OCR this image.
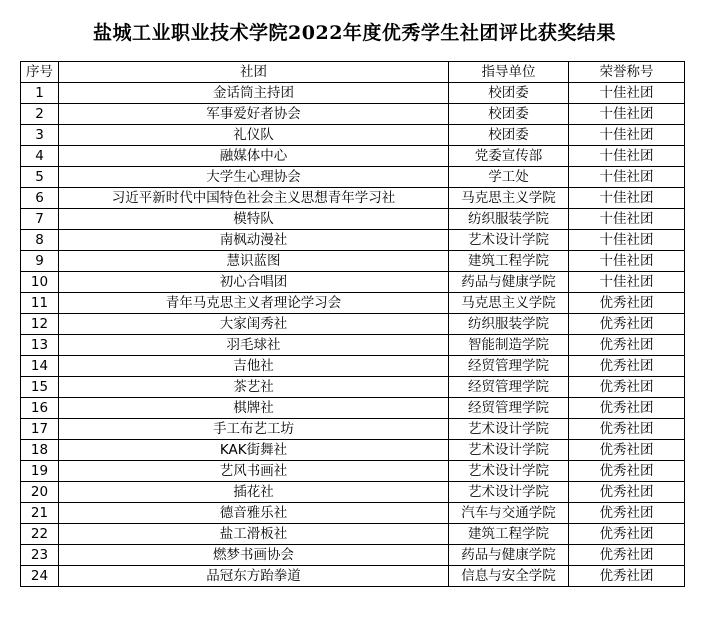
盐城工业职业技术学院2022年度优秀学生社团评比获奖结果
序号	社团	指导单位	荣誉称号
1	金话筒主持团	校团委	十佳社团
2	军事爱好者协会	校团委	十佳社团
3	礼仪队	校团委	十佳社团
4	融媒体中心	党委宣传部	十佳社团
5	大学生心理协会	学工处	十佳社团
6	习近平新时代中国特色社会主义思想青年学习社	马克思主义学院	十佳社团
7	模特队	纺织服装学院	十佳社团
8	南枫动漫社	艺术设计学院	十佳社团
9	慧识蓝图	建筑工程学院	十佳社团
10	初心合唱团	药品与健康学院	十佳社团
11	青年马克思主义者理论学习会	马克思主义学院	优秀社团
12	大家闺秀社	纺织服装学院	优秀社团
13	羽毛球社	智能制造学院	优秀社团
14	吉他社	经贸管理学院	优秀社团
15	茶艺社	经贸管理学院	优秀社团
16	棋牌社	经贸管理学院	优秀社团
17	手工布艺工坊	艺术设计学院	优秀社团
18	KAK街舞社	艺术设计学院	优秀社团
19	艺风书画社	艺术设计学院	优秀社团
20	插花社	艺术设计学院	优秀社团
21	德音雅乐社	汽车与交通学院	优秀社团
22	盐工滑板社	建筑工程学院	优秀社团
23	燃梦书画协会	药品与健康学院	优秀社团
24	品冠东方跆拳道	信息与安全学院	优秀社团
